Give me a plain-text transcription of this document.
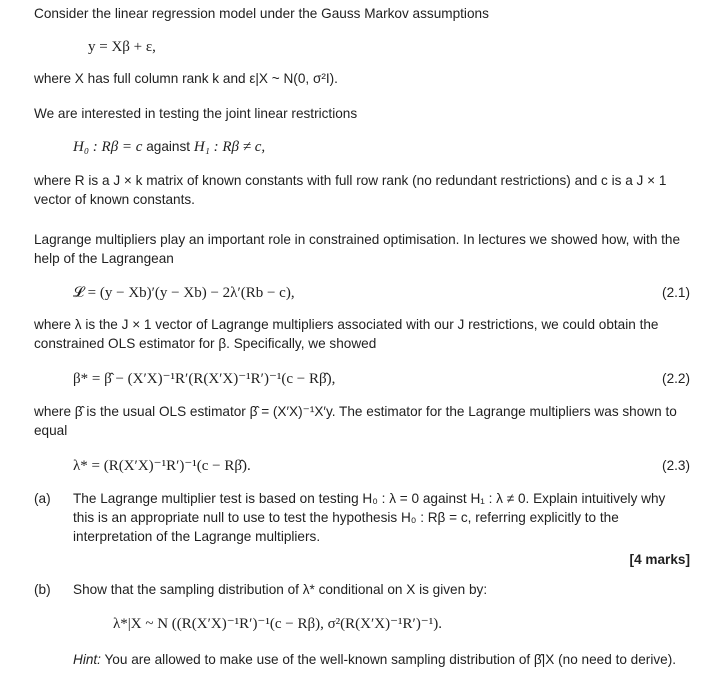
Consider the linear regression model under the Gauss Markov assumptions
y = Xβ + ε,
where X has full column rank k and ε|X ~ N(0, σ²I).
We are interested in testing the joint linear restrictions
H₀ : Rβ = c against H₁ : Rβ ≠ c,
where R is a J × k matrix of known constants with full row rank (no redundant restrictions) and c is a J × 1 vector of known constants.
Lagrange multipliers play an important role in constrained optimisation. In lectures we showed how, with the help of the Lagrangean
𝓛 = (y − Xb)′(y − Xb) − 2λ′(Rb − c),	(2.1)
where λ is the J × 1 vector of Lagrange multipliers associated with our J restrictions, we could obtain the constrained OLS estimator for β. Specifically, we showed
β* = β̂ − (X′X)⁻¹R′(R(X′X)⁻¹R′)⁻¹(c − Rβ̂),	(2.2)
where β̂ is the usual OLS estimator β̂ = (X′X)⁻¹X′y. The estimator for the Lagrange multipliers was shown to equal
λ* = (R(X′X)⁻¹R′)⁻¹(c − Rβ̂).	(2.3)
(a) The Lagrange multiplier test is based on testing H₀ : λ = 0 against H₁ : λ ≠ 0. Explain intuitively why this is an appropriate null to use to test the hypothesis H₀ : Rβ = c, referring explicitly to the interpretation of the Lagrange multipliers.
[4 marks]
(b) Show that the sampling distribution of λ* conditional on X is given by:
λ*|X ~ N ((R(X′X)⁻¹R′)⁻¹(c − Rβ), σ²(R(X′X)⁻¹R′)⁻¹).
Hint: You are allowed to make use of the well-known sampling distribution of β̂|X (no need to derive).
